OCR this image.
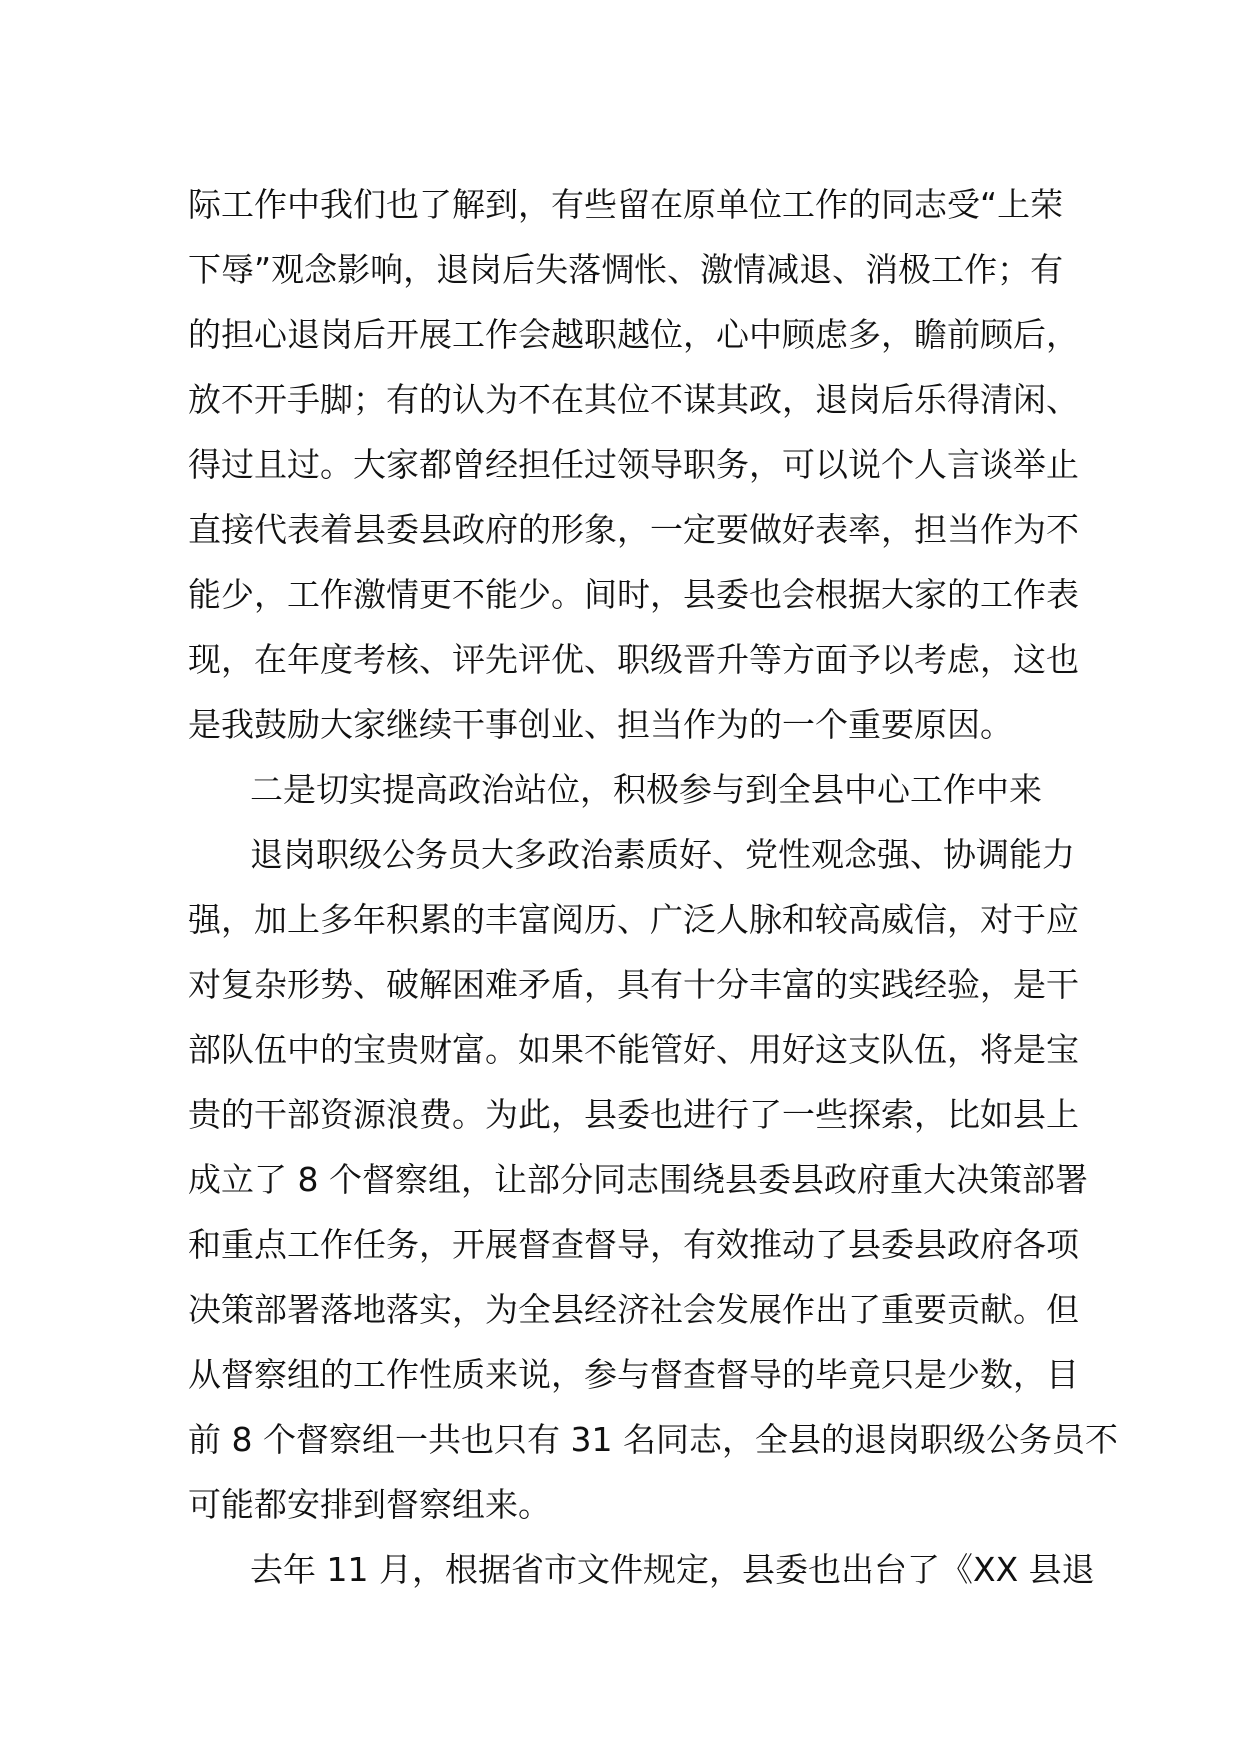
际工作中我们也了解到，有些留在原单位工作的同志受“上荣
下辱”观念影响，退岗后失落惆怅、激情减退、消极工作；有
的担心退岗后开展工作会越职越位，心中顾虑多，瞻前顾后，
放不开手脚；有的认为不在其位不谋其政，退岗后乐得清闲、
得过且过。大家都曾经担任过领导职务，可以说个人言谈举止
直接代表着县委县政府的形象，一定要做好表率，担当作为不
能少，工作激情更不能少。间时，县委也会根据大家的工作表
现，在年度考核、评先评优、职级晋升等方面予以考虑，这也
是我鼓励大家继续干事创业、担当作为的一个重要原因。
二是切实提高政治站位，积极参与到全县中心工作中来
退岗职级公务员大多政治素质好、党性观念强、协调能力
强，加上多年积累的丰富阅历、广泛人脉和较高威信，对于应
对复杂形势、破解困难矛盾，具有十分丰富的实践经验，是干
部队伍中的宝贵财富。如果不能管好、用好这支队伍，将是宝
贵的干部资源浪费。为此，县委也进行了一些探索，比如县上
成立了 8 个督察组，让部分同志围绕县委县政府重大决策部署
和重点工作任务，开展督查督导，有效推动了县委县政府各项
决策部署落地落实，为全县经济社会发展作出了重要贡献。但
从督察组的工作性质来说，参与督查督导的毕竟只是少数，目
前 8 个督察组一共也只有 31 名同志，全县的退岗职级公务员不
可能都安排到督察组来。
去年 11 月，根据省市文件规定，县委也出台了《XX 县退
